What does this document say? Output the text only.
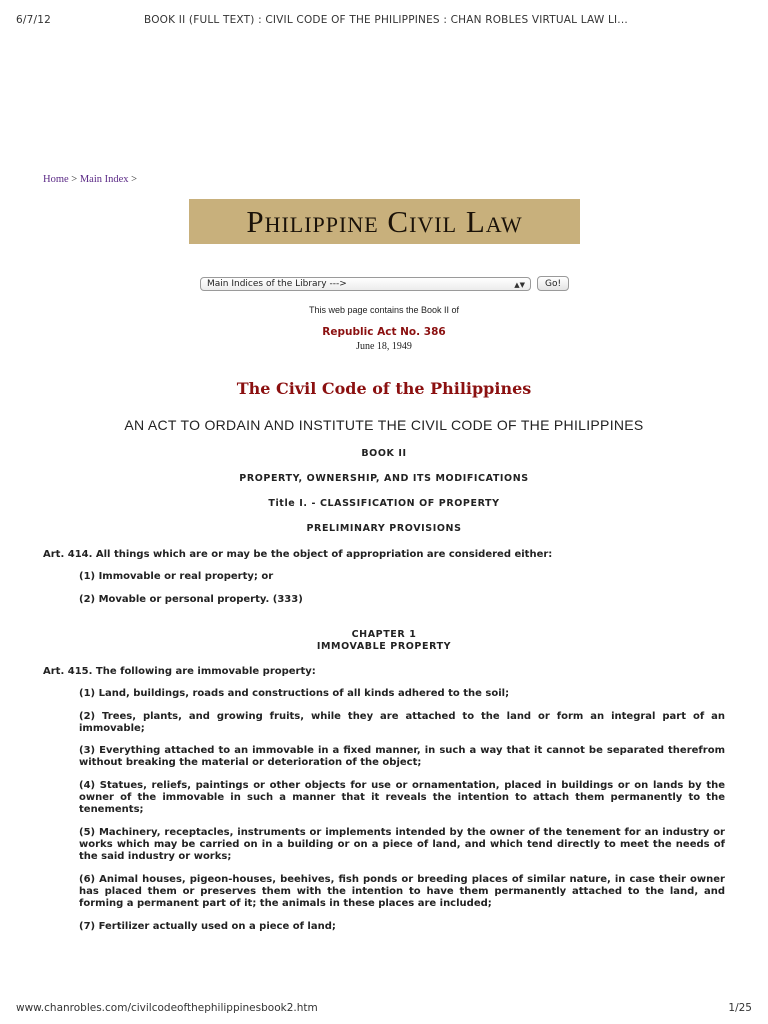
6/7/12	BOOK II (FULL TEXT) : CIVIL CODE OF THE PHILIPPINES : CHAN ROBLES VIRTUAL LAW LI...
Home > Main Index >
Philippine Civil Law
Main Indices of the Library --->	▲▼	Go!
This web page contains the Book II of
Republic Act No. 386
June 18, 1949
The Civil Code of the Philippines
AN ACT TO ORDAIN AND INSTITUTE THE CIVIL CODE OF THE PHILIPPINES
BOOK II
PROPERTY, OWNERSHIP, AND ITS MODIFICATIONS
Title I. - CLASSIFICATION OF PROPERTY
PRELIMINARY PROVISIONS
Art. 414. All things which are or may be the object of appropriation are considered either:
(1) Immovable or real property; or
(2) Movable or personal property. (333)
CHAPTER 1
IMMOVABLE PROPERTY
Art. 415. The following are immovable property:
(1) Land, buildings, roads and constructions of all kinds adhered to the soil;
(2) Trees, plants, and growing fruits, while they are attached to the land or form an integral part of an immovable;
(3) Everything attached to an immovable in a fixed manner, in such a way that it cannot be separated therefrom without breaking the material or deterioration of the object;
(4) Statues, reliefs, paintings or other objects for use or ornamentation, placed in buildings or on lands by the owner of the immovable in such a manner that it reveals the intention to attach them permanently to the tenements;
(5) Machinery, receptacles, instruments or implements intended by the owner of the tenement for an industry or works which may be carried on in a building or on a piece of land, and which tend directly to meet the needs of the said industry or works;
(6) Animal houses, pigeon-houses, beehives, fish ponds or breeding places of similar nature, in case their owner has placed them or preserves them with the intention to have them permanently attached to the land, and forming a permanent part of it; the animals in these places are included;
(7) Fertilizer actually used on a piece of land;
www.chanrobles.com/civilcodeofthephilippinesbook2.htm	1/25
